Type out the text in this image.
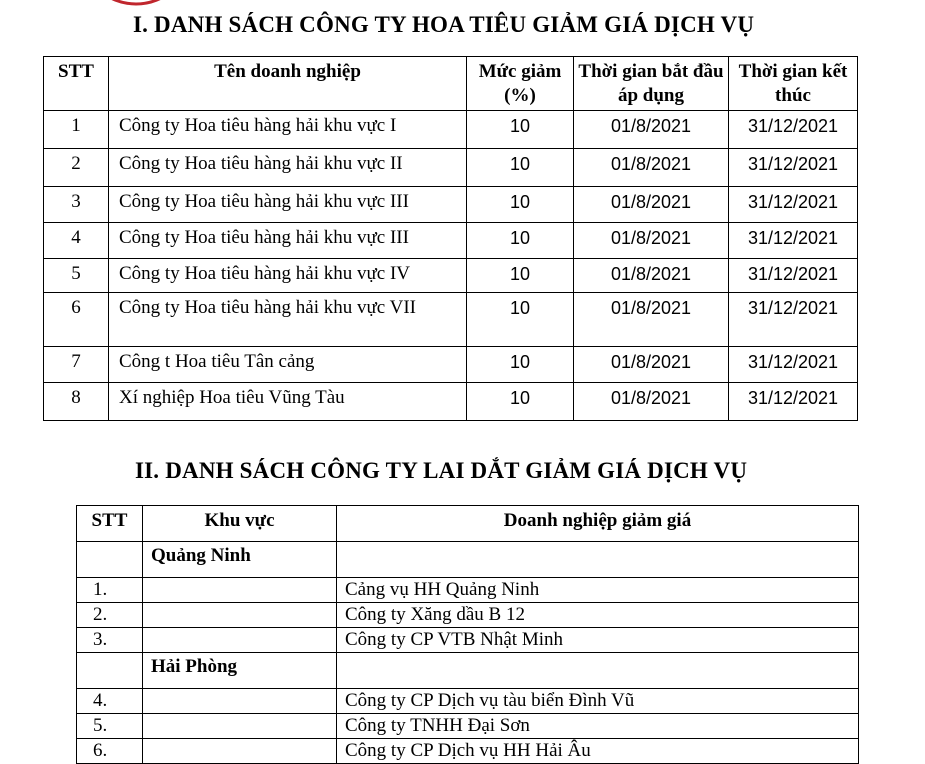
I. DANH SÁCH CÔNG TY HOA TIÊU GIẢM GIÁ DỊCH VỤ
STT	Tên doanh nghiệp	Mức giảm (%)	Thời gian bắt đầu áp dụng	Thời gian kết thúc
1	Công ty Hoa tiêu hàng hải khu vực I	10	01/8/2021	31/12/2021
2	Công ty Hoa tiêu hàng hải khu vực II	10	01/8/2021	31/12/2021
3	Công ty Hoa tiêu hàng hải khu vực III	10	01/8/2021	31/12/2021
4	Công ty Hoa tiêu hàng hải khu vực III	10	01/8/2021	31/12/2021
5	Công ty Hoa tiêu hàng hải khu vực IV	10	01/8/2021	31/12/2021
6	Công ty Hoa tiêu hàng hải khu vực VII	10	01/8/2021	31/12/2021
7	Công t Hoa tiêu Tân cảng	10	01/8/2021	31/12/2021
8	Xí nghiệp Hoa tiêu Vũng Tàu	10	01/8/2021	31/12/2021
II. DANH SÁCH CÔNG TY LAI DẮT GIẢM GIÁ DỊCH VỤ
STT	Khu vực	Doanh nghiệp giảm giá
	Quảng Ninh	
1.		Cảng vụ HH Quảng Ninh
2.		Công ty Xăng dầu B 12
3.		Công ty CP VTB Nhật Minh
	Hải Phòng	
4.		Công ty CP Dịch vụ tàu biển Đình Vũ
5.		Công ty TNHH Đại Sơn
6.		Công ty CP Dịch vụ HH Hải Âu
